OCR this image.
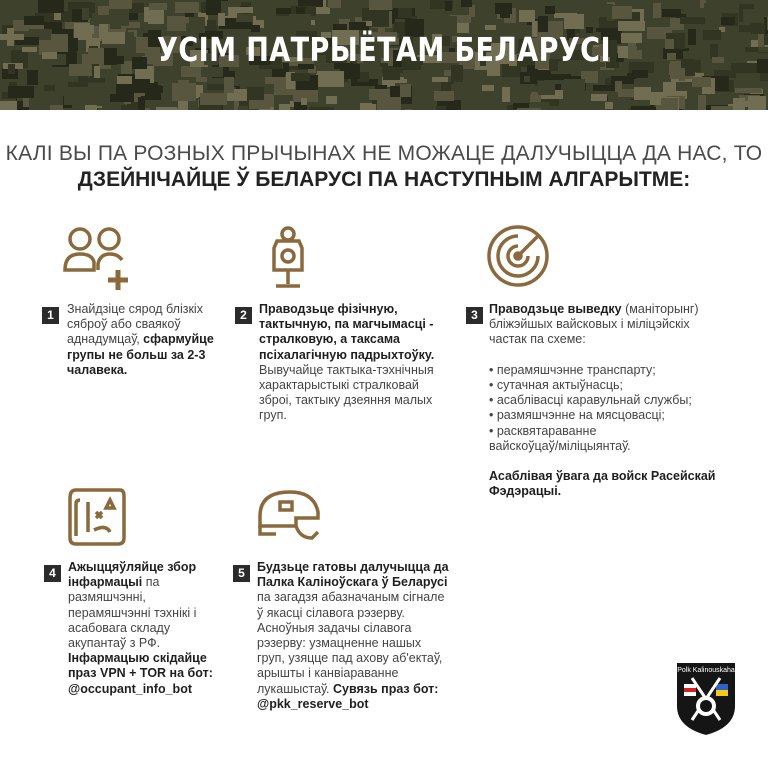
УСІМ ПАТРЫЁТАМ БЕЛАРУСІ
КАЛІ ВЫ ПА РОЗНЫХ ПРЫЧЫНАХ НЕ МОЖАЦЕ ДАЛУЧЫЦЦА ДА НАС, ТО
ДЗЕЙНІЧАЙЦЕ Ў БЕЛАРУСІ ПА НАСТУПНЫМ АЛГАРЫТМЕ:
1	2	3
4	5
Знайдзіце сярод блізкіх
сяброў або сваякоў
аднадумцаў, сфармуйце
групы не больш за 2-3
чалавека.
Праводзьце фізічную,
тактычную, па магчымасці -
стралковую, а таксама
псіхалагічную падрыхтоўку.
Вывучайце тактыка-тэхнічныя
характарыстыкі стралковай
зброі, тактыку дзеяння малых
груп.
Праводзьце выведку (маніторынг)
бліжэйшых вайсковых і міліцэйскіх
частак па схеме:

• перамяшчэнне транспарту;
• сутачная актыўнасць;
• асаблівасці каравульнай службы;
• размяшчэнне на мясцовасці;
• расквятараванне
вайскоўцаў/міліцыянтаў.

Асаблівая ўвага да войск Расейскай
Фэдэрацыі.
Ажыццяўляйце збор
інфармацыі па
размяшчэнні,
перамяшчэнні тэхнікі і
асабовага складу
акупантаў з РФ.
Інфармацыю скідайце
праз VPN + TOR на бот:
@occupant_info_bot
Будзьце гатовы далучыцца да
Палка Каліноўскага ў Беларусі
па загадзя абазначаным сігнале
ў якасці сілавога рэзерву.
Асноўныя задачы сілавога
рэзерву: узмацненне нашых
груп, узяцце пад ахову аб'ектаў,
арышты і канвіараванне
лукашыстаў. Сувязь праз бот:
@pkk_reserve_bot
Polk Kalinouskaha
